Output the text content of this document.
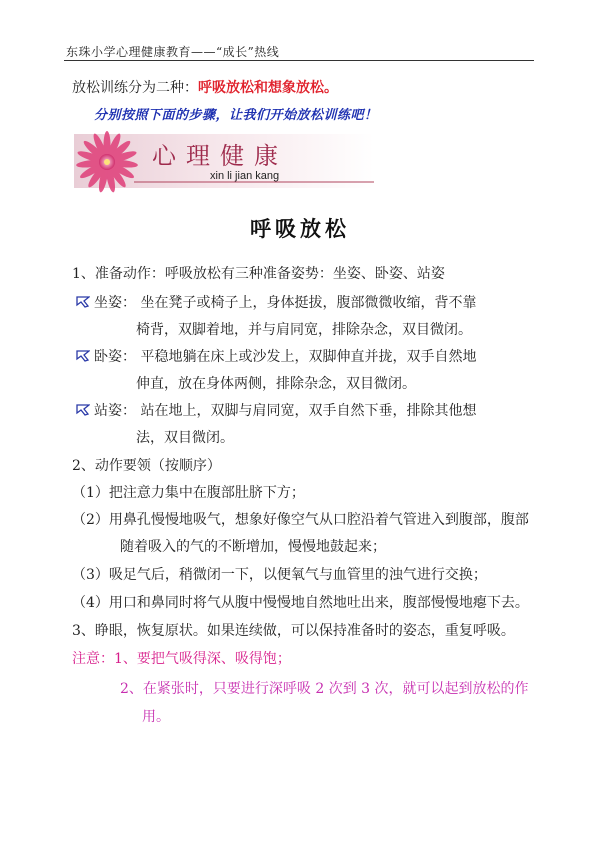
东珠小学心理健康教育——“成长”热线
放松训练分为二种：呼吸放松和想象放松。
分别按照下面的步骤，让我们开始放松训练吧！
心理健康
xin li jian kang
呼吸放松
1、准备动作：呼吸放松有三种准备姿势：坐姿、卧姿、站姿
坐姿： 坐在凳子或椅子上，身体挺拔，腹部微微收缩，背不靠
椅背，双脚着地，并与肩同宽，排除杂念，双目微闭。
卧姿： 平稳地躺在床上或沙发上，双脚伸直并拢，双手自然地
伸直，放在身体两侧，排除杂念，双目微闭。
站姿： 站在地上，双脚与肩同宽，双手自然下垂，排除其他想
法，双目微闭。
2、动作要领（按顺序）
（1）把注意力集中在腹部肚脐下方；
（2）用鼻孔慢慢地吸气，想象好像空气从口腔沿着气管进入到腹部，腹部
随着吸入的气的不断增加，慢慢地鼓起来；
（3）吸足气后，稍微闭一下，以便氧气与血管里的浊气进行交换；
（4）用口和鼻同时将气从腹中慢慢地自然地吐出来，腹部慢慢地瘪下去。
3、睁眼，恢复原状。如果连续做，可以保持准备时的姿态，重复呼吸。
注意：1、要把气吸得深、吸得饱；
2、在紧张时，只要进行深呼吸 2 次到 3 次，就可以起到放松的作
用。
